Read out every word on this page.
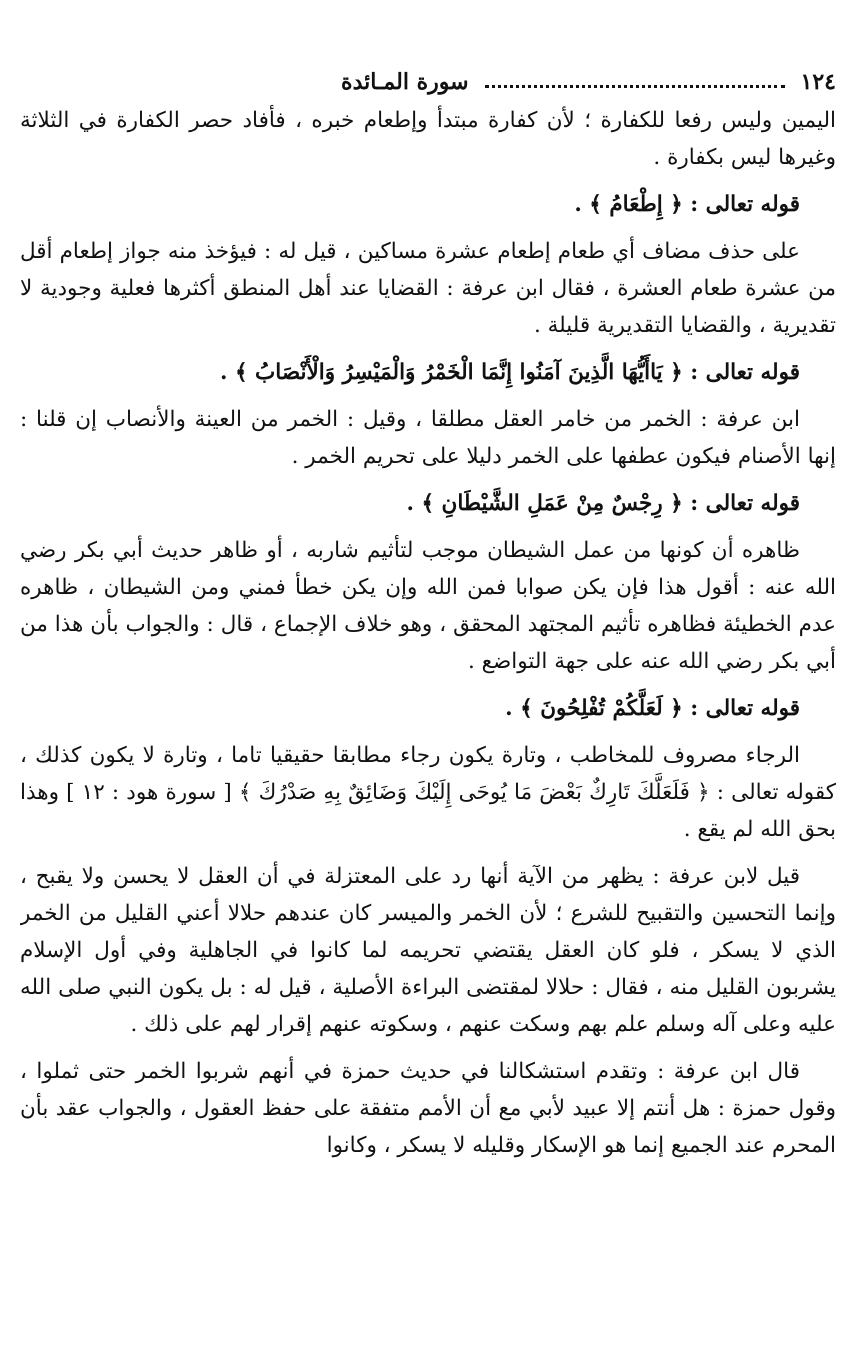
١٢٤
سورة المـائدة

اليمين وليس رفعا للكفارة ؛ لأن كفارة مبتدأ وإطعام خبره ، فأفاد حصر الكفارة في الثلاثة وغيرها ليس بكفارة .

قوله تعالى : ﴿ إِطْعَامُ ﴾ .

على حذف مضاف أي طعام إطعام عشرة مساكين ، قيل له : فيؤخذ منه جواز إطعام أقل من عشرة طعام العشرة ، فقال ابن عرفة : القضايا عند أهل المنطق أكثرها فعلية وجودية لا تقديرية ، والقضايا التقديرية قليلة .

قوله تعالى : ﴿ يَاأَيُّهَا الَّذِينَ آمَنُوا إِنَّمَا الْخَمْرُ وَالْمَيْسِرُ وَالْأَنْصَابُ ﴾ .

ابن عرفة : الخمر من خامر العقل مطلقا ، وقيل : الخمر من العينة والأنصاب إن قلنا : إنها الأصنام فيكون عطفها على الخمر دليلا على تحريم الخمر .

قوله تعالى : ﴿ رِجْسٌ مِنْ عَمَلِ الشَّيْطَانِ ﴾ .

ظاهره أن كونها من عمل الشيطان موجب لتأثيم شاربه ، أو ظاهر حديث أبي بكر رضي الله عنه : أقول هذا فإن يكن صوابا فمن الله وإن يكن خطأ فمني ومن الشيطان ، ظاهره عدم الخطيئة فظاهره تأثيم المجتهد المحقق ، وهو خلاف الإجماع ، قال : والجواب بأن هذا من أبي بكر رضي الله عنه على جهة التواضع .

قوله تعالى : ﴿ لَعَلَّكُمْ تُفْلِحُونَ ﴾ .

الرجاء مصروف للمخاطب ، وتارة يكون رجاء مطابقا حقيقيا تاما ، وتارة لا يكون كذلك ، كقوله تعالى : ﴿ فَلَعَلَّكَ تَارِكٌ بَعْضَ مَا يُوحَى إِلَيْكَ وَضَائِقٌ بِهِ صَدْرُكَ ﴾ [ سورة هود : ١٢ ] وهذا بحق الله لم يقع .

قيل لابن عرفة : يظهر من الآية أنها رد على المعتزلة في أن العقل لا يحسن ولا يقبح ، وإنما التحسين والتقبيح للشرع ؛ لأن الخمر والميسر كان عندهم حلالا أعني القليل من الخمر الذي لا يسكر ، فلو كان العقل يقتضي تحريمه لما كانوا في الجاهلية وفي أول الإسلام يشربون القليل منه ، فقال : حلالا لمقتضى البراءة الأصلية ، قيل له : بل يكون النبي صلى الله عليه وعلى آله وسلم علم بهم وسكت عنهم ، وسكوته عنهم إقرار لهم على ذلك .

قال ابن عرفة : وتقدم استشكالنا في حديث حمزة في أنهم شربوا الخمر حتى ثملوا ، وقول حمزة : هل أنتم إلا عبيد لأبي مع أن الأمم متفقة على حفظ العقول ، والجواب عقد بأن المحرم عند الجميع إنما هو الإسكار وقليله لا يسكر ، وكانوا
